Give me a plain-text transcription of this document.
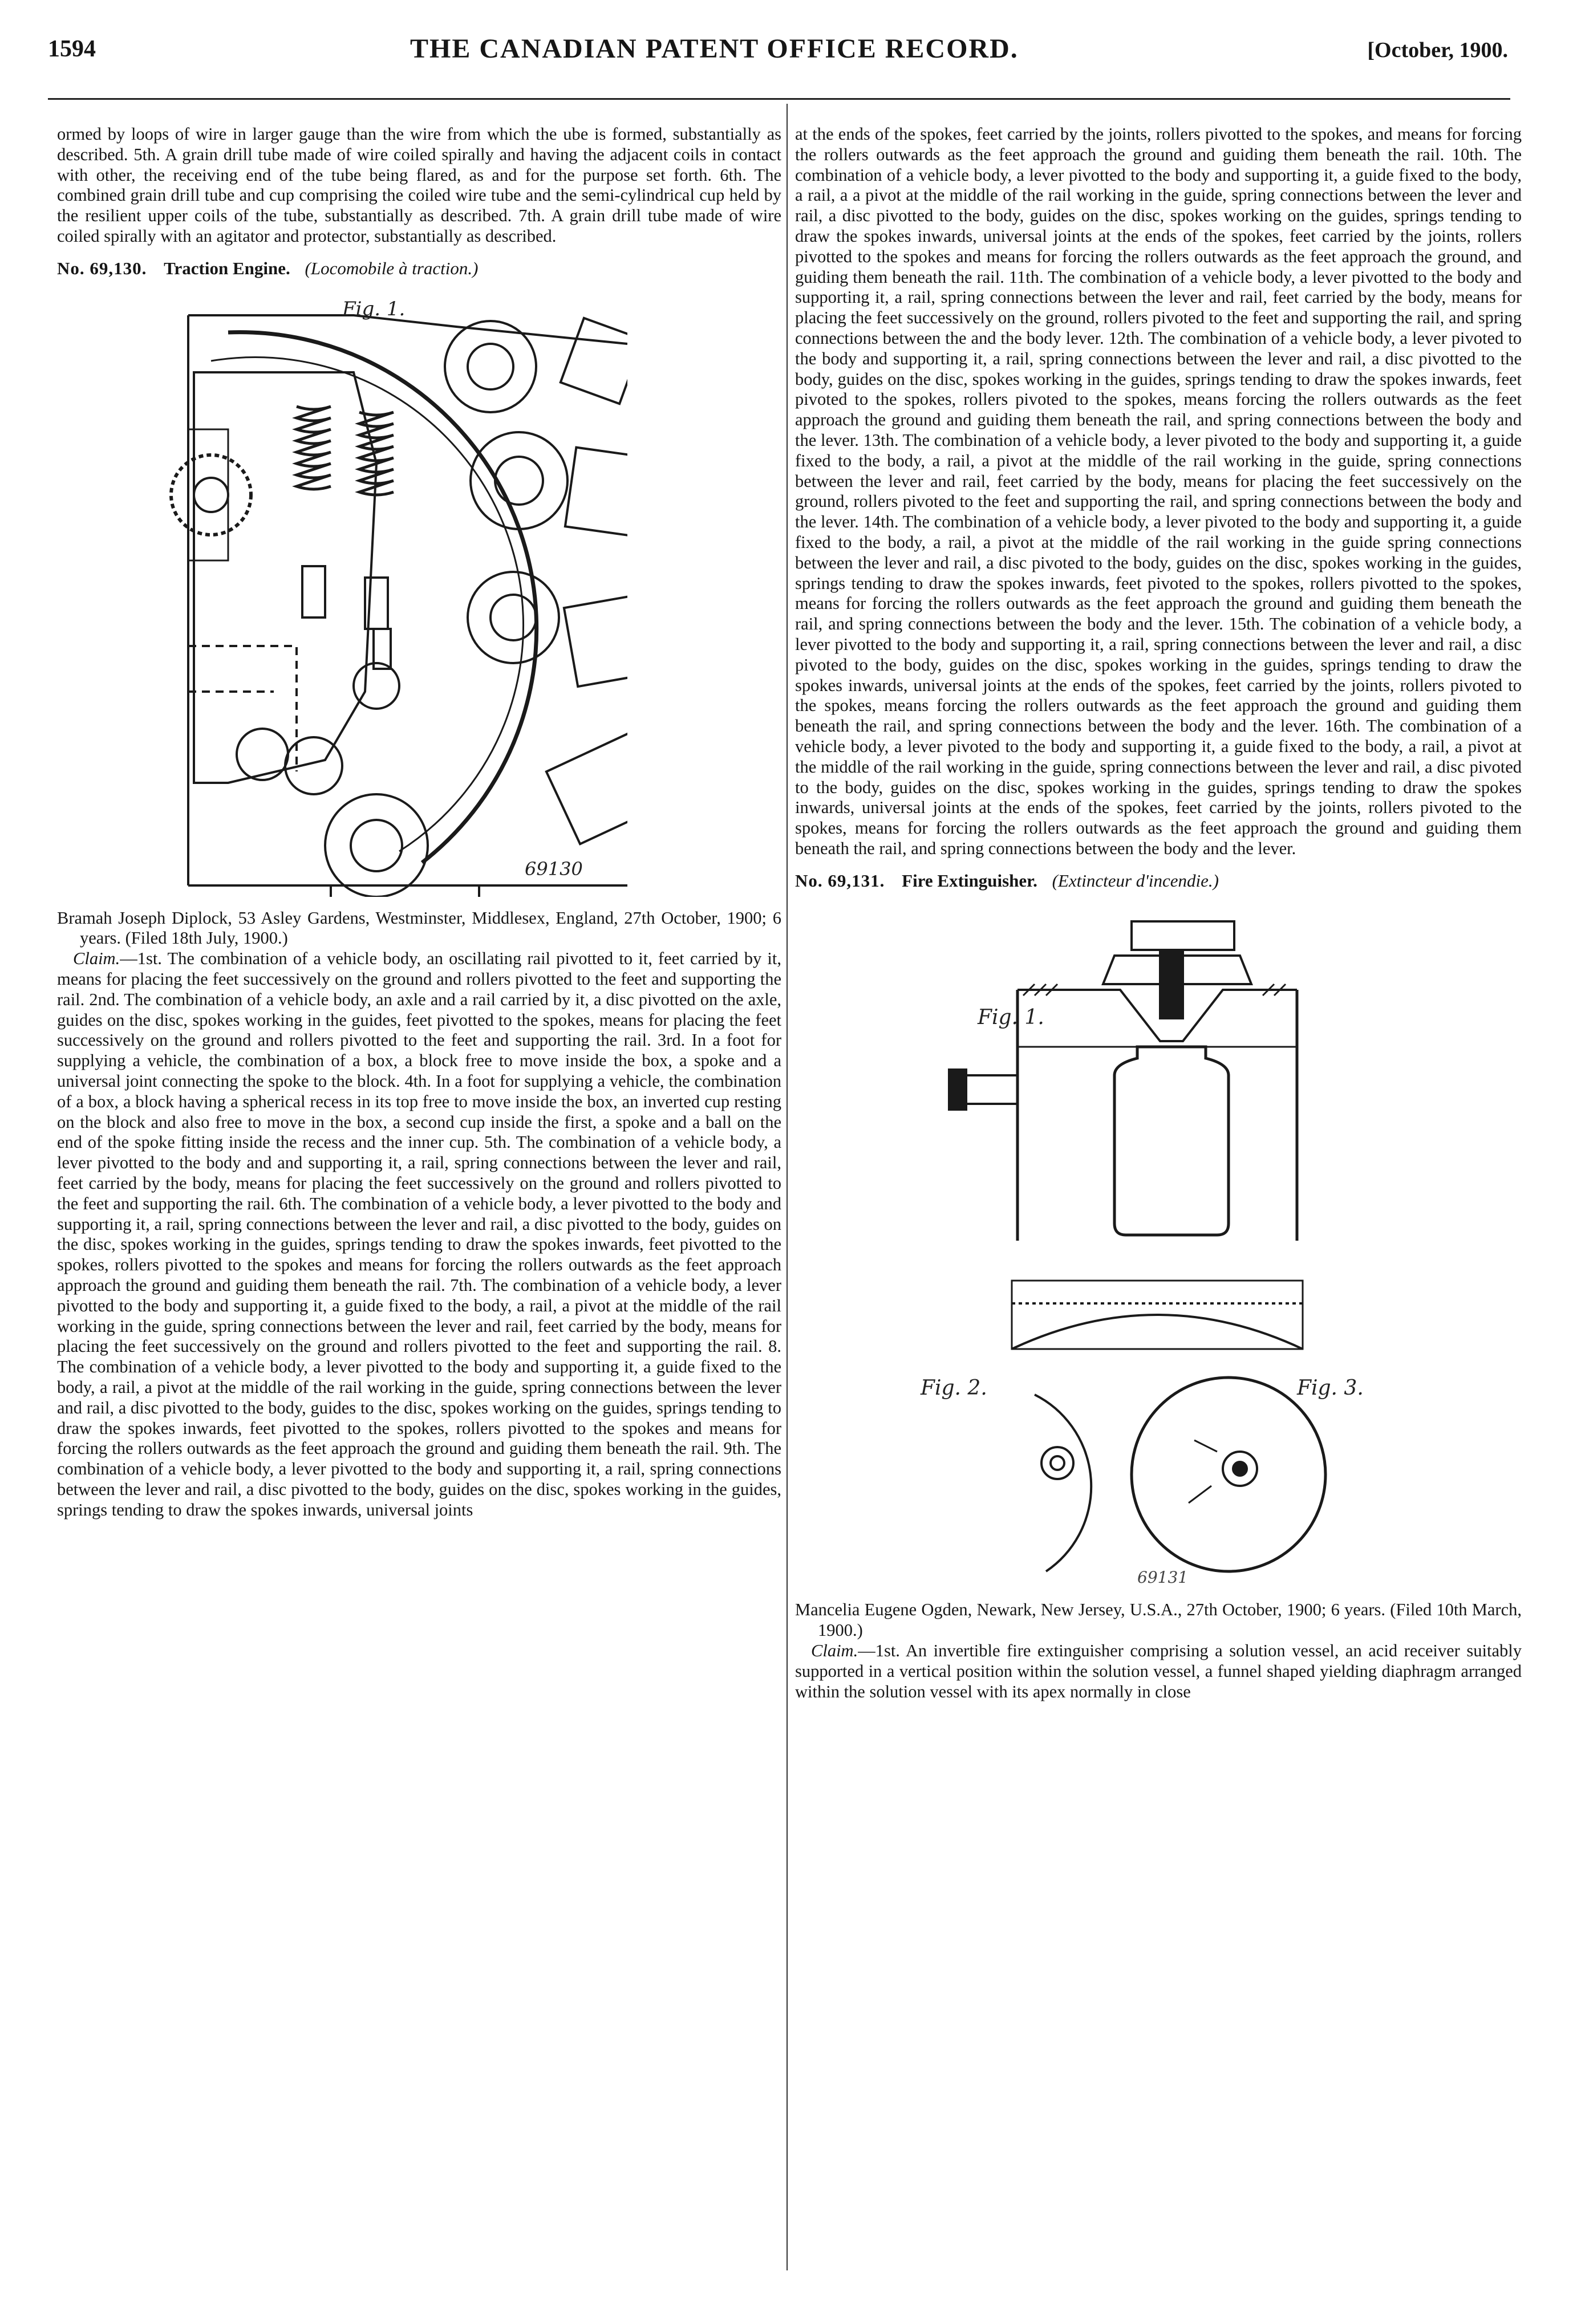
1594	THE CANADIAN PATENT OFFICE RECORD.	[October, 1900.

ormed by loops of wire in larger gauge than the wire from which the ube is formed, substantially as described. 5th. A grain drill tube made of wire coiled spirally and having the adjacent coils in contact with other, the receiving end of the tube being flared, as and for the purpose set forth. 6th. The combined grain drill tube and cup comprising the coiled wire tube and the semi-cylindrical cup held by the resilient upper coils of the tube, substantially as described. 7th. A grain drill tube made of wire coiled spirally with an agitator and protector, substantially as described.

No. 69,130. Traction Engine. (Locomobile à traction.)

Fig. 1.
69130

Bramah Joseph Diplock, 53 Asley Gardens, Westminster, Middlesex, England, 27th October, 1900; 6 years. (Filed 18th July, 1900.)

Claim.—1st. The combination of a vehicle body, an oscillating rail pivotted to it, feet carried by it, means for placing the feet successively on the ground and rollers pivotted to the feet and supporting the rail. 2nd. The combination of a vehicle body, an axle and a rail carried by it, a disc pivotted on the axle, guides on the disc, spokes working in the guides, feet pivotted to the spokes, means for placing the feet successively on the ground and rollers pivotted to the feet and supporting the rail. 3rd. In a foot for supplying a vehicle, the combination of a box, a block free to move inside the box, a spoke and a universal joint connecting the spoke to the block. 4th. In a foot for supplying a vehicle, the combination of a box, a block having a spherical recess in its top free to move inside the box, an inverted cup resting on the block and also free to move in the box, a second cup inside the first, a spoke and a ball on the end of the spoke fitting inside the recess and the inner cup. 5th. The combination of a vehicle body, a lever pivotted to the body and and supporting it, a rail, spring connections between the lever and rail, feet carried by the body, means for placing the feet successively on the ground and rollers pivotted to the feet and supporting the rail. 6th. The combination of a vehicle body, a lever pivotted to the body and supporting it, a rail, spring connections between the lever and rail, a disc pivotted to the body, guides on the disc, spokes working in the guides, springs tending to draw the spokes inwards, feet pivotted to the spokes, rollers pivotted to the spokes and means for forcing the rollers outwards as the feet approach approach the ground and guiding them beneath the rail. 7th. The combination of a vehicle body, a lever pivotted to the body and supporting it, a guide fixed to the body, a rail, a pivot at the middle of the rail working in the guide, spring connections between the lever and rail, feet carried by the body, means for placing the feet successively on the ground and rollers pivotted to the feet and supporting the rail. 8. The combination of a vehicle body, a lever pivotted to the body and supporting it, a guide fixed to the body, a rail, a pivot at the middle of the rail working in the guide, spring connections between the lever and rail, a disc pivotted to the body, guides to the disc, spokes working on the guides, springs tending to draw the spokes inwards, feet pivotted to the spokes, rollers pivotted to the spokes and means for forcing the rollers outwards as the feet approach the ground and guiding them beneath the rail. 9th. The combination of a vehicle body, a lever pivotted to the body and supporting it, a rail, spring connections between the lever and rail, a disc pivotted to the body, guides on the disc, spokes working in the guides, springs tending to draw the spokes inwards, universal joints

at the ends of the spokes, feet carried by the joints, rollers pivotted to the spokes, and means for forcing the rollers outwards as the feet approach the ground and guiding them beneath the rail. 10th. The combination of a vehicle body, a lever pivotted to the body and supporting it, a guide fixed to the body, a rail, a a pivot at the middle of the rail working in the guide, spring connections between the lever and rail, a disc pivotted to the body, guides on the disc, spokes working on the guides, springs tending to draw the spokes inwards, universal joints at the ends of the spokes, feet carried by the joints, rollers pivotted to the spokes and means for forcing the rollers outwards as the feet approach the ground, and guiding them beneath the rail. 11th. The combination of a vehicle body, a lever pivotted to the body and supporting it, a rail, spring connections between the lever and rail, feet carried by the body, means for placing the feet successively on the ground, rollers pivoted to the feet and supporting the rail, and spring connections between the and the body lever. 12th. The combination of a vehicle body, a lever pivoted to the body and supporting it, a rail, spring connections between the lever and rail, a disc pivotted to the body, guides on the disc, spokes working in the guides, springs tending to draw the spokes inwards, feet pivoted to the spokes, rollers pivoted to the spokes, means forcing the rollers outwards as the feet approach the ground and guiding them beneath the rail, and spring connections between the body and the lever. 13th. The combination of a vehicle body, a lever pivoted to the body and supporting it, a guide fixed to the body, a rail, a pivot at the middle of the rail working in the guide, spring connections between the lever and rail, feet carried by the body, means for placing the feet successively on the ground, rollers pivoted to the feet and supporting the rail, and spring connections between the body and the lever. 14th. The combination of a vehicle body, a lever pivoted to the body and supporting it, a guide fixed to the body, a rail, a pivot at the middle of the rail working in the guide spring connections between the lever and rail, a disc pivoted to the body, guides on the disc, spokes working in the guides, springs tending to draw the spokes inwards, feet pivoted to the spokes, rollers pivotted to the spokes, means for forcing the rollers outwards as the feet approach the ground and guiding them beneath the rail, and spring connections between the body and the lever. 15th. The cobination of a vehicle body, a lever pivotted to the body and supporting it, a rail, spring connections between the lever and rail, a disc pivoted to the body, guides on the disc, spokes working in the guides, springs tending to draw the spokes inwards, universal joints at the ends of the spokes, feet carried by the joints, rollers pivoted to the spokes, means forcing the rollers outwards as the feet approach the ground and guiding them beneath the rail, and spring connections between the body and the lever. 16th. The combination of a vehicle body, a lever pivoted to the body and supporting it, a guide fixed to the body, a rail, a pivot at the middle of the rail working in the guide, spring connections between the lever and rail, a disc pivoted to the body, guides on the disc, spokes working in the guides, springs tending to draw the spokes inwards, universal joints at the ends of the spokes, feet carried by the joints, rollers pivoted to the spokes, means for forcing the rollers outwards as the feet approach the ground and guiding them beneath the rail, and spring connections between the body and the lever.

No. 69,131. Fire Extinguisher. (Extincteur d'incendie.)

Fig. 1.
Fig. 2.	Fig. 3.
69131

Mancelia Eugene Ogden, Newark, New Jersey, U.S.A., 27th October, 1900; 6 years. (Filed 10th March, 1900.)

Claim.—1st. An invertible fire extinguisher comprising a solution vessel, an acid receiver suitably supported in a vertical position within the solution vessel, a funnel shaped yielding diaphragm arranged within the solution vessel with its apex normally in close
